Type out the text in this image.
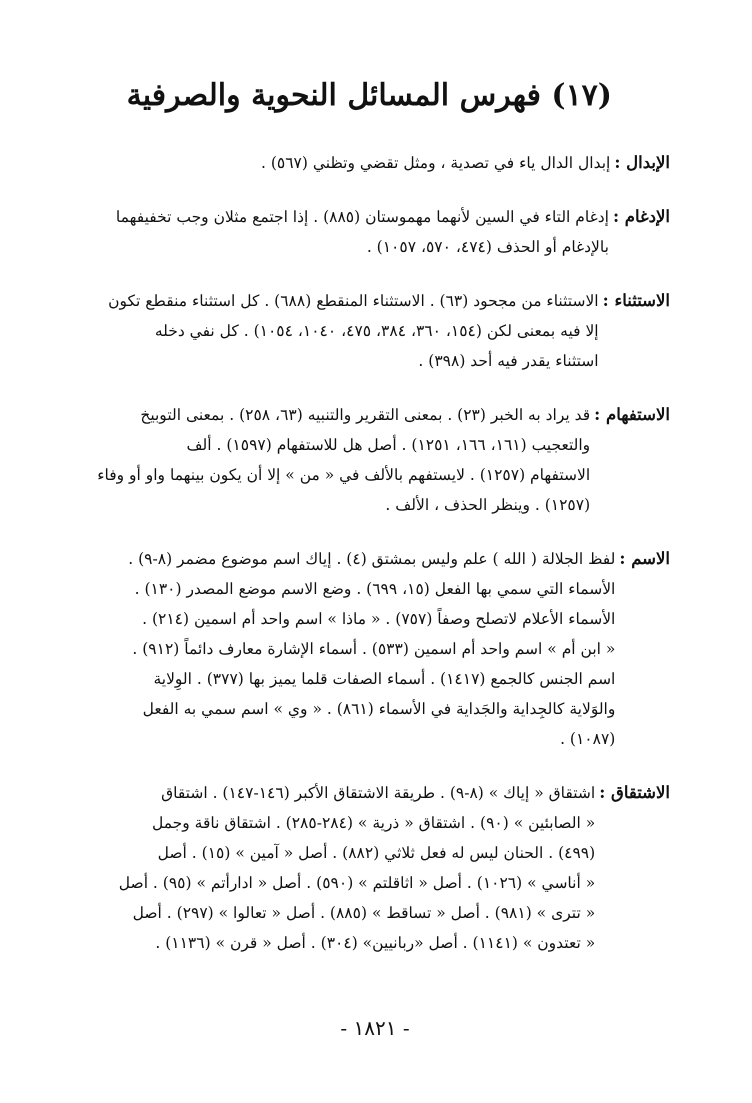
(١٧) فهرس المسائل النحوية والصرفية
الإبدال :
إبدال الدال ياء في تصدية ، ومثل تقضي وتظني (٥٦٧) .
الإدغام :
إدغام التاء في السين لأنهما مهموستان (٨٨٥) . إذا اجتمع مثلان وجب تخفيفهما
بالإدغام أو الحذف (٤٧٤، ٥٧٠، ١٠٥٧) .
الاستثناء :
الاستثناء من مجحود (٦٣) . الاستثناء المنقطع (٦٨٨) . كل استثناء منقطع تكون
إلا فيه بمعنى لكن (١٥٤، ٣٦٠، ٣٨٤، ٤٧٥، ١٠٤٠، ١٠٥٤) . كل نفي دخله
استثناء يقدر فيه أحد (٣٩٨) .
الاستفهام :
قد يراد به الخبر (٢٣) . بمعنى التقرير والتنبيه (٦٣، ٢٥٨) . بمعنى التوبيخ
والتعجيب (١٦١، ١٦٦، ١٢٥١) . أصل هل للاستفهام (١٥٩٧) . ألف
الاستفهام (١٢٥٧) . لايستفهم بالألف في « من » إلا أن يكون بينهما واو أو وفاء
(١٢٥٧) . وينظر الحذف ، الألف .
الاسم :
لفظ الجلالة ( الله ) علم وليس بمشتق (٤) . إياك اسم موضوع مضمر (٨-٩) .
الأسماء التي سمي بها الفعل (١٥، ٦٩٩) . وضع الاسم موضع المصدر (١٣٠) .
الأسماء الأعلام لاتصلح وصفاً (٧٥٧) . « ماذا » اسم واحد أم اسمين (٢١٤) .
« ابن أم » اسم واحد أم اسمين (٥٣٣) . أسماء الإشارة معارف دائماً (٩١٢) .
اسم الجنس كالجمع (١٤١٧) . أسماء الصفات قلما يميز بها (٣٧٧) . الوِلاية
والوَلاية كالجِداية والجَداية في الأسماء (٨٦١) . « وي » اسم سمي به الفعل
(١٠٨٧) .
الاشتقاق :
اشتقاق « إياك » (٨-٩) . طريقة الاشتقاق الأكبر (١٤٦-١٤٧) . اشتقاق
« الصابئين » (٩٠) . اشتقاق « ذرية » (٢٨٤-٢٨٥) . اشتقاق ناقة وجمل
(٤٩٩) . الحنان ليس له فعل ثلاثي (٨٨٢) . أصل « آمين » (١٥) . أصل
« أناسي » (١٠٢٦) . أصل « اثاقلتم » (٥٩٠) . أصل « ادارأتم » (٩٥) . أصل
« تترى » (٩٨١) . أصل « تساقط » (٨٨٥) . أصل « تعالوا » (٢٩٧) . أصل
« تعتدون » (١١٤١) . أصل «ربانيين» (٣٠٤) . أصل « قرن » (١١٣٦) .
- ١٨٢١ -
